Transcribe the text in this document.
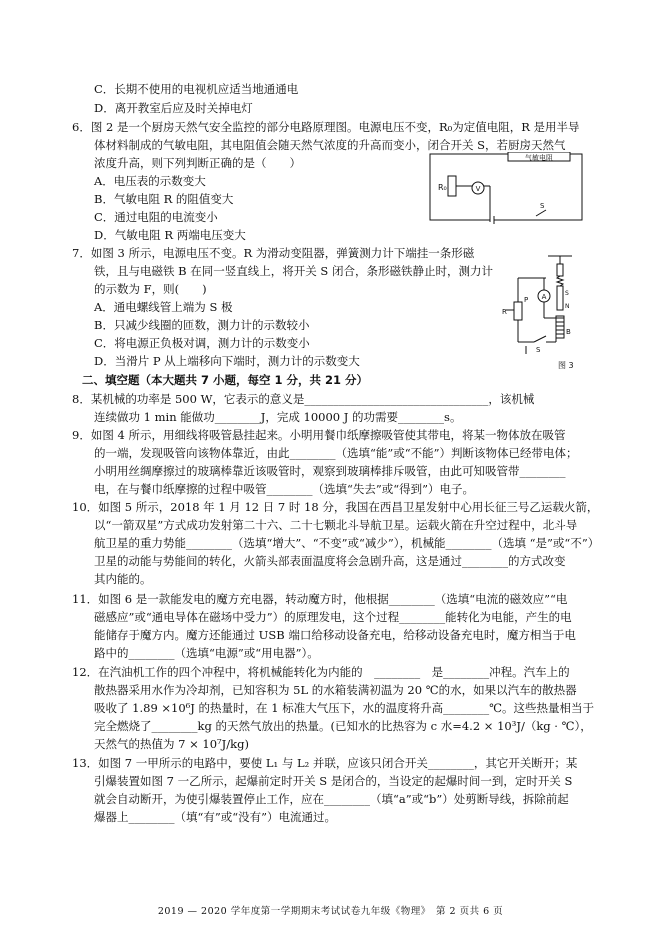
C．长期不使用的电视机应适当地通通电
D．离开教室后应及时关掉电灯
6．图 2 是一个厨房天然气安全监控的部分电路原理图。电源电压不变，R₀为定值电阻，R 是用半导
体材料制成的气敏电阻，其电阻值会随天然气浓度的升高而变小，闭合开关 S，若厨房天然气
浓度升高，则下列判断正确的是（　　）
A．电压表的示数变大
B．气敏电阻 R 的阻值变大
C．通过电阻的电流变小
D．气敏电阻 R 两端电压变大
7．如图 3 所示，电源电压不变。R 为滑动变阻器，弹簧测力计下端挂一条形磁
铁，且与电磁铁 B 在同一竖直线上，将开关 S 闭合，条形磁铁静止时，测力计
的示数为 F，则(　　)
A．通电螺线管上端为 S 极
B．只减少线圈的匝数，测力计的示数较小
C．将电源正负极对调，测力计的示数变小
D．当滑片 P 从上端移向下端时，测力计的示数变大
二、填空题（本大题共 7 小题，每空 1 分，共 21 分）
8．某机械的功率是 500 W，它表示的意义是________________________________，该机械
连续做功 1 min 能做功________J，完成 10000 J 的功需要________s。
9．如图 4 所示，用细线将吸管悬挂起来。小明用餐巾纸摩擦吸管使其带电，将某一物体放在吸管
的一端，发现吸管向该物体靠近，由此________（选填“能”或“不能”）判断该物体已经带电体；
小明用丝绸摩擦过的玻璃棒靠近该吸管时，观察到玻璃棒排斥吸管，由此可知吸管带________
电，在与餐巾纸摩擦的过程中吸管________（选填“失去”或“得到”）电子。
10．如图 5 所示，2018 年 1 月 12 日 7 时 18 分，我国在西昌卫星发射中心用长征三号乙运载火箭，
以“一箭双星”方式成功发射第二十六、二十七颗北斗导航卫星。运载火箭在升空过程中，北斗导
航卫星的重力势能________（选填“增大”、“不变”或“减少”），机械能________（选填 “是”或“不”）
卫星的动能与势能间的转化，火箭头部表面温度将会急剧升高，这是通过________的方式改变
其内能的。
11．如图 6 是一款能发电的魔方充电器，转动魔方时，他根据________（选填“电流的磁效应”“电
磁感应”或“通电导体在磁场中受力”）的原理发电，这个过程________能转化为电能，产生的电
能储存于魔方内。魔方还能通过 USB 端口给移动设备充电，给移动设备充电时，魔方相当于电
路中的________（选填“电源”或“用电器”）。
12．在汽油机工作的四个冲程中，将机械能转化为内能的　________　是________冲程。汽车上的
散热器采用水作为冷却剂，已知容积为 5L 的水箱装满初温为 20 ℃的水，如果以汽车的散热器
吸收了 1.89 ×10⁶J 的热量时，在 1 标准大气压下，水的温度将升高________℃。这些热量相当于
完全燃烧了________kg 的天然气放出的热量。(已知水的比热容为 c 水=4.2 × 10³J/（kg · ℃），
天然气的热值为 7 × 10⁷J/kg)
13．如图 7 一甲所示的电路中，要使 L₁ 与 L₂ 并联，应该只闭合开关________，其它开关断开；某
引爆装置如图 7 一乙所示，起爆前定时开关 S 是闭合的，当设定的起爆时间一到，定时开关 S
就会自动断开，为使引爆装置停止工作，应在________（填“a”或“b”）处剪断导线，拆除前起
爆器上________（填“有”或“没有”）电流通过。
气敏电阻
R₀	V
S
S
N
A
R
P
B
S
图 3
2019 — 2020 学年度第一学期期末考试试卷九年级《物理》　第 2 页共 6 页
